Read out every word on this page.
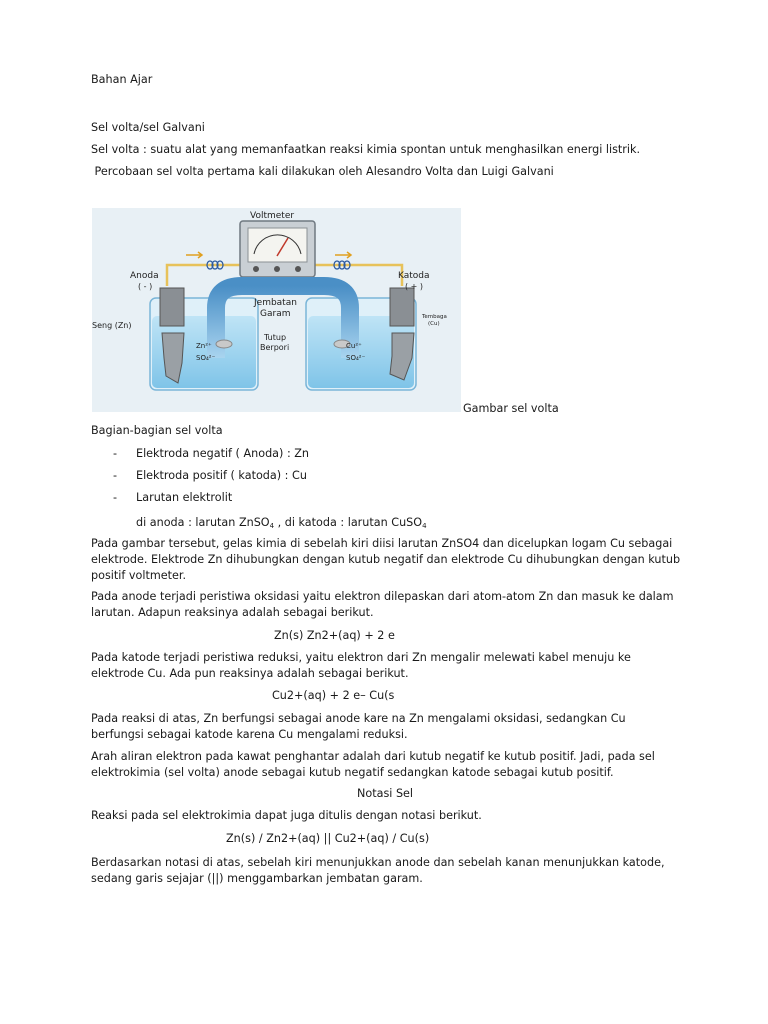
Bahan Ajar
Sel volta/sel Galvani
Sel volta : suatu alat yang memanfaatkan reaksi kimia spontan untuk menghasilkan energi listrik.
Percobaan sel volta pertama kali dilakukan oleh Alesandro Volta dan Luigi Galvani
Voltmeter
Anoda
( - )
Katoda
( + )
Jembatan
Garam
Seng (Zn)
Tembaga
(Cu)
Tutup
Berpori
Zn²⁺
SO₄²⁻
Cu²⁺
SO₄²⁻
Gambar sel volta
Bagian-bagian sel volta
- Elektroda negatif ( Anoda) : Zn
- Elektroda positif ( katoda) : Cu
- Larutan elektrolit
di anoda : larutan ZnSO$_4$ , di katoda : larutan CuSO$_4$
Pada gambar tersebut, gelas kimia di sebelah kiri diisi larutan ZnSO4 dan dicelupkan logam Cu sebagai elektrode. Elektrode Zn dihubungkan dengan kutub negatif dan elektrode Cu dihubungkan dengan kutub positif voltmeter.
Pada anode terjadi peristiwa oksidasi yaitu elektron dilepaskan dari atom-atom Zn dan masuk ke dalam larutan. Adapun reaksinya adalah sebagai berikut.
Zn(s) Zn2+(aq) + 2 e
Pada katode terjadi peristiwa reduksi, yaitu elektron dari Zn mengalir melewati kabel menuju ke elektrode Cu. Ada pun reaksinya adalah sebagai berikut.
Cu2+(aq) + 2 e– Cu(s
Pada reaksi di atas, Zn berfungsi sebagai anode kare na Zn mengalami oksidasi, sedangkan Cu berfungsi sebagai katode karena Cu mengalami reduksi.
Arah aliran elektron pada kawat penghantar adalah dari kutub negatif ke kutub positif. Jadi, pada sel elektrokimia (sel volta) anode sebagai kutub negatif sedangkan katode sebagai kutub positif.
Notasi Sel
Reaksi pada sel elektrokimia dapat juga ditulis dengan notasi berikut.
Zn(s) / Zn2+(aq) || Cu2+(aq) / Cu(s)
Berdasarkan notasi di atas, sebelah kiri menunjukkan anode dan sebelah kanan menunjukkan katode, sedang garis sejajar (||) menggambarkan jembatan garam.
